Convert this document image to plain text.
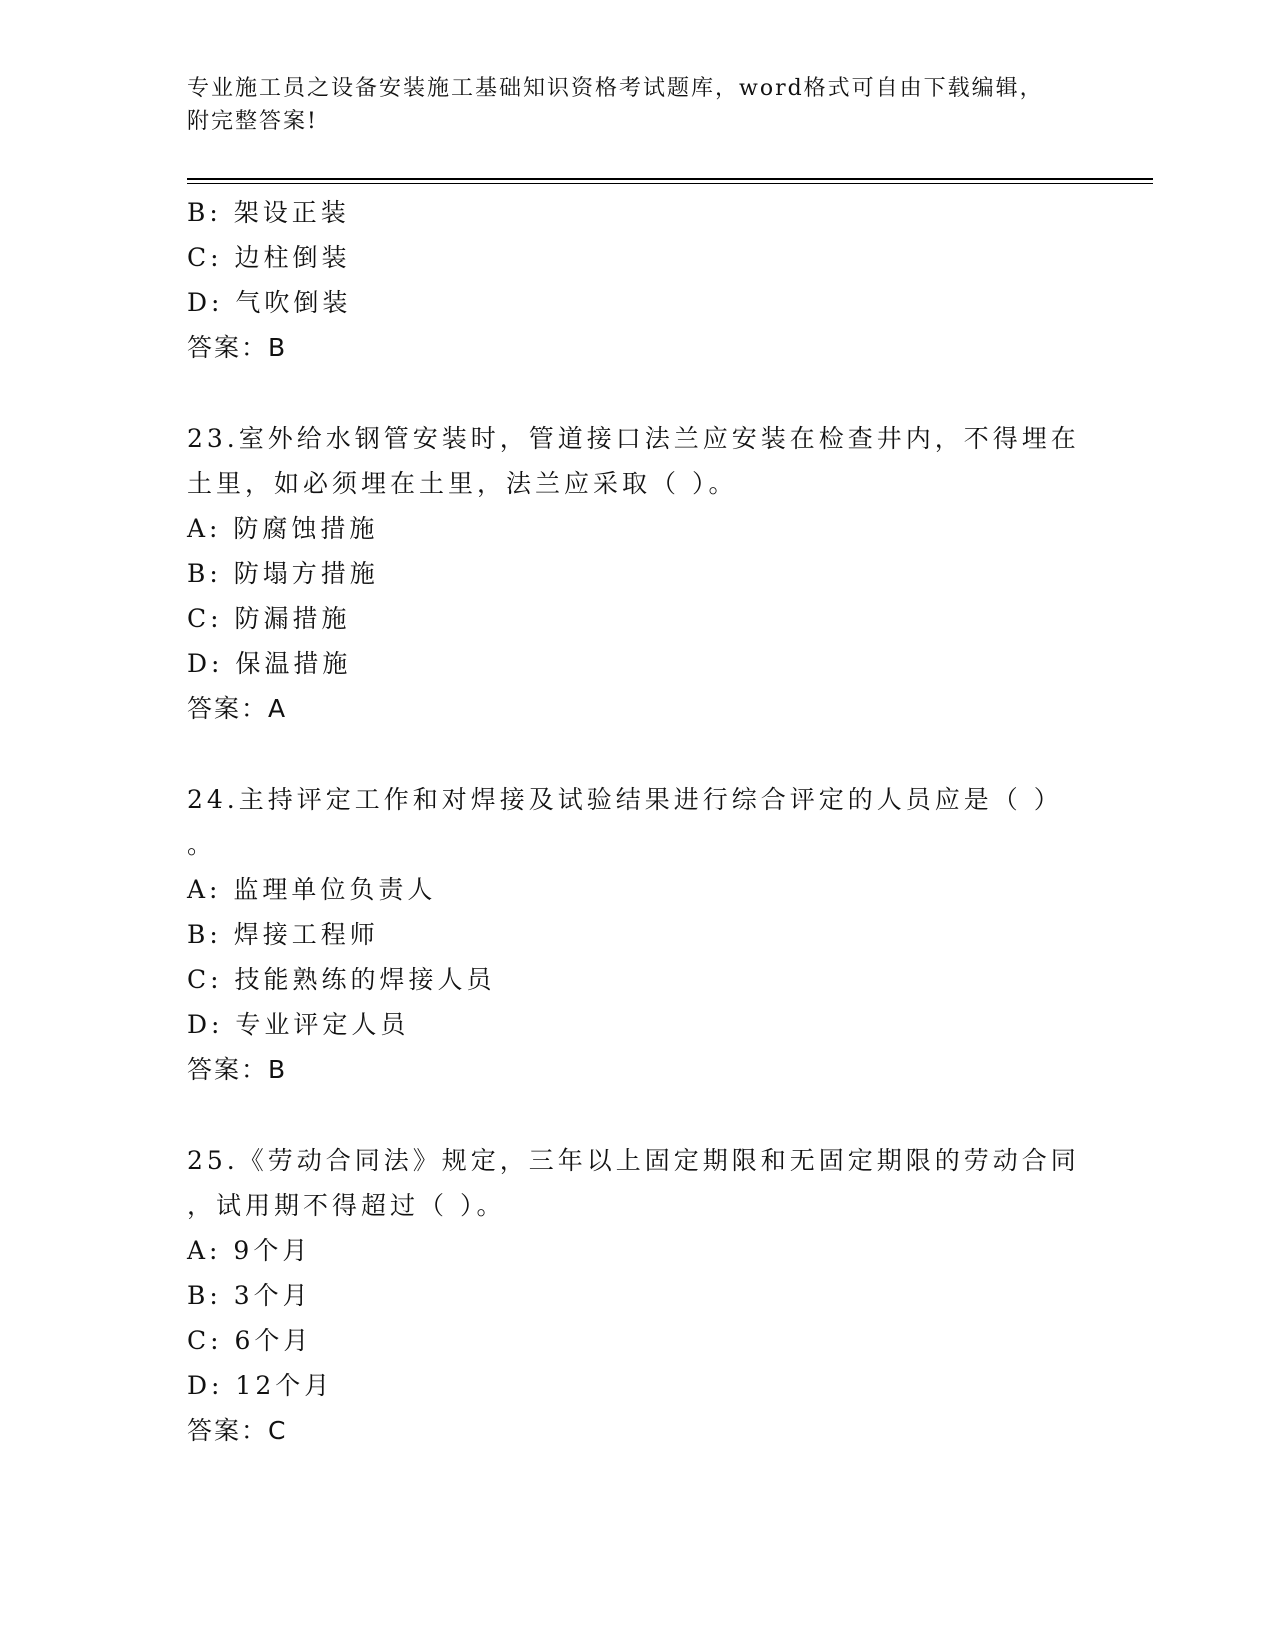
专业施工员之设备安装施工基础知识资格考试题库，word格式可自由下载编辑，
附完整答案!
B: 架设正装
C: 边柱倒装
D: 气吹倒装
答案：B
23.室外给水钢管安装时，管道接口法兰应安装在检查井内，不得埋在
土里，如必须埋在土里，法兰应采取（ ）。
A: 防腐蚀措施
B: 防塌方措施
C: 防漏措施
D: 保温措施
答案：A
24.主持评定工作和对焊接及试验结果进行综合评定的人员应是（ ）
。
A: 监理单位负责人
B: 焊接工程师
C: 技能熟练的焊接人员
D: 专业评定人员
答案：B
25.《劳动合同法》规定，三年以上固定期限和无固定期限的劳动合同
，试用期不得超过（ ）。
A: 9个月
B: 3个月
C: 6个月
D: 12个月
答案：C
